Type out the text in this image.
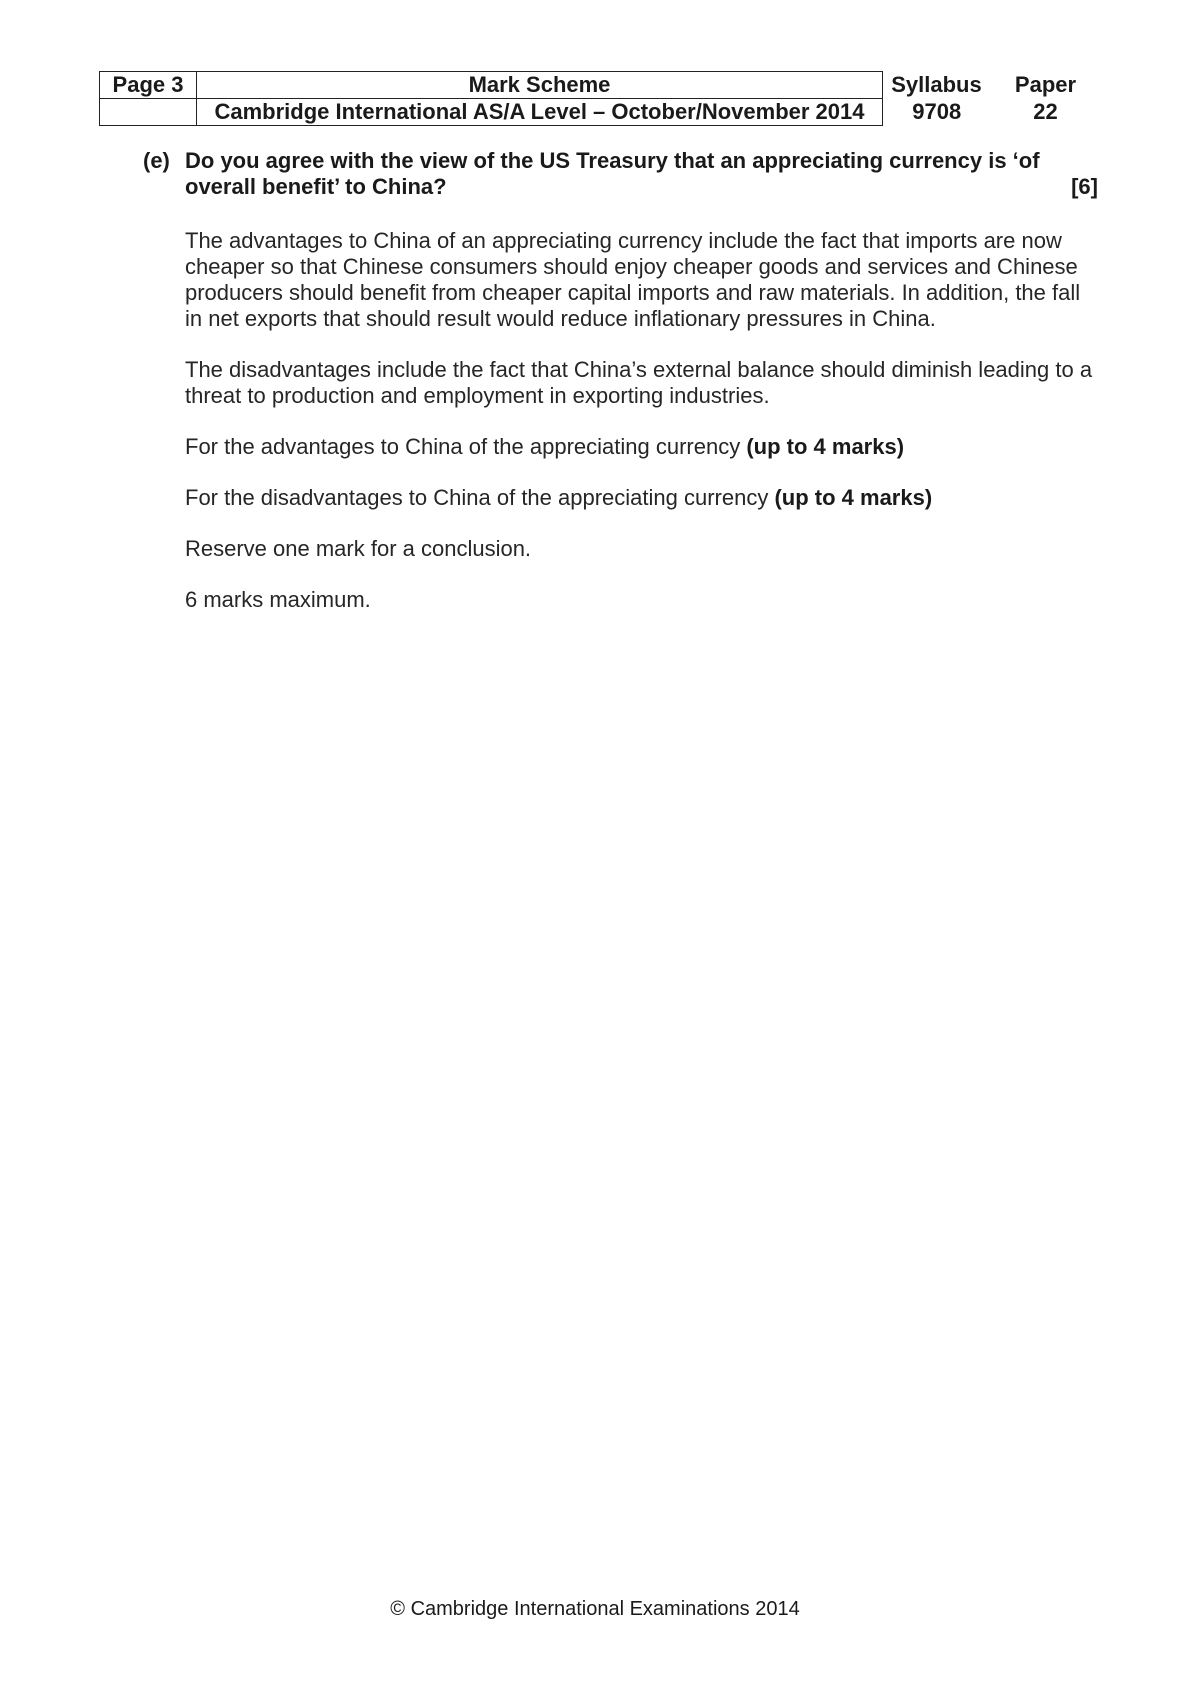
Page 3	Mark Scheme	Syllabus	Paper
	Cambridge International AS/A Level – October/November 2014	9708	22
(e) Do you agree with the view of the US Treasury that an appreciating currency is ‘of
overall benefit’ to China?	[6]

The advantages to China of an appreciating currency include the fact that imports are now cheaper so that Chinese consumers should enjoy cheaper goods and services and Chinese producers should benefit from cheaper capital imports and raw materials. In addition, the fall in net exports that should result would reduce inflationary pressures in China.

The disadvantages include the fact that China’s external balance should diminish leading to a threat to production and employment in exporting industries.

For the advantages to China of the appreciating currency (up to 4 marks)

For the disadvantages to China of the appreciating currency (up to 4 marks)

Reserve one mark for a conclusion.

6 marks maximum.

© Cambridge International Examinations 2014
